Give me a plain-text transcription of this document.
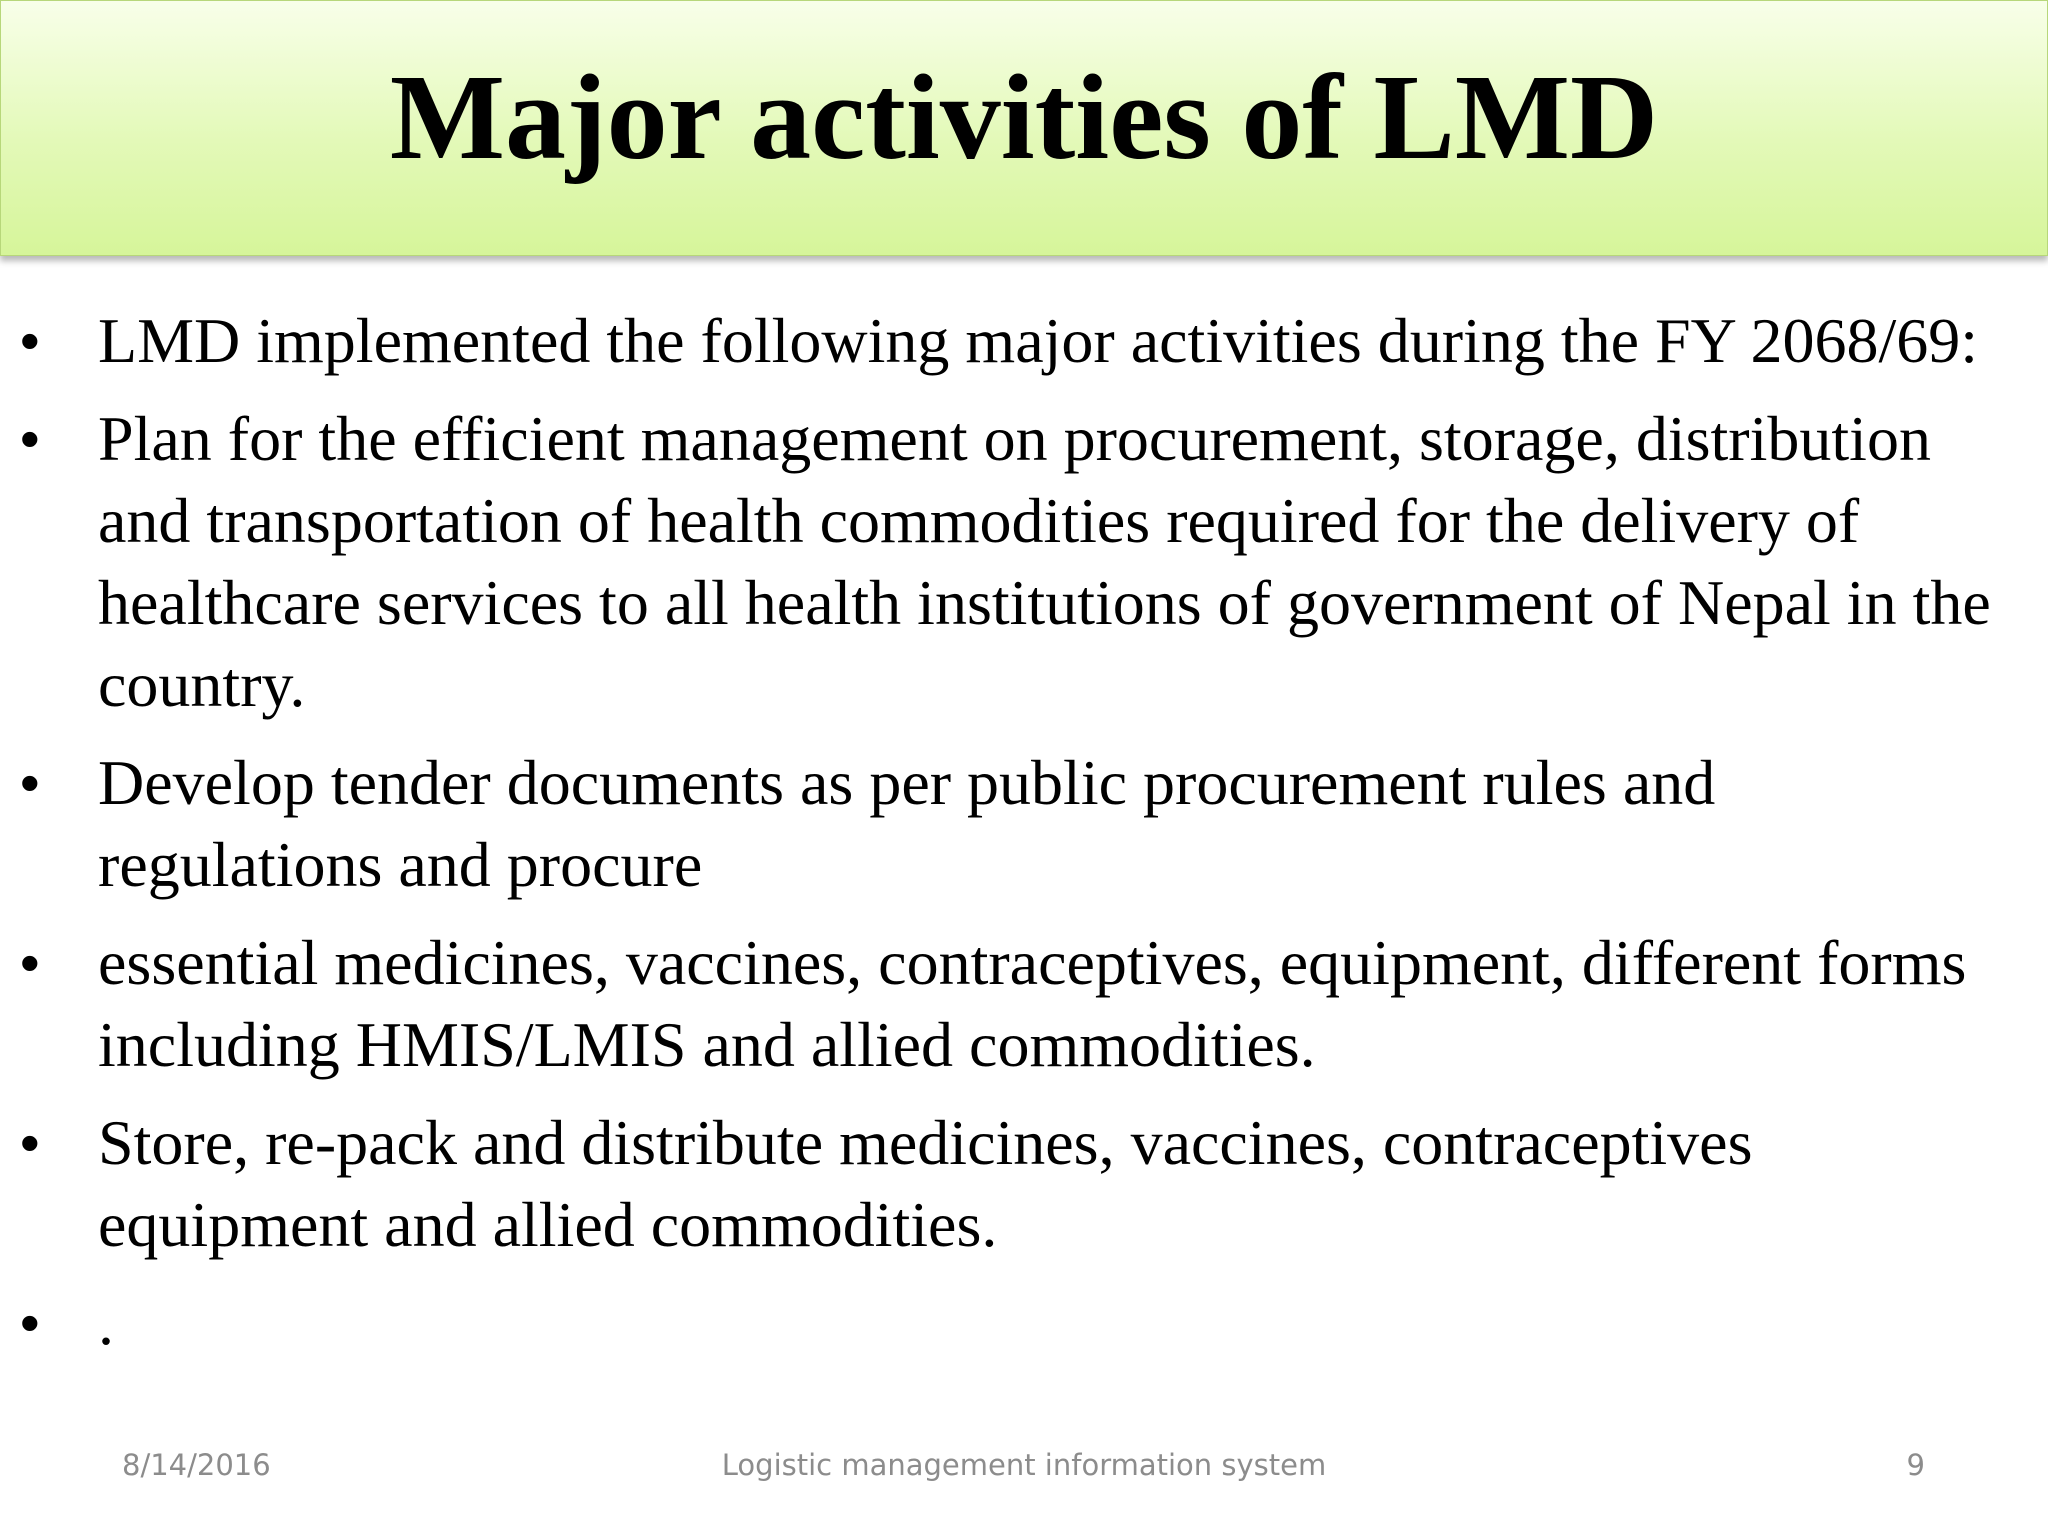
Major activities of LMD
• LMD implemented the following major activities during the FY 2068/69:
• Plan for the efficient management on procurement, storage, distribution and transportation of health commodities required for the delivery of healthcare services to all health institutions of government of Nepal in the country.
• Develop tender documents as per public procurement rules and regulations and procure
• essential medicines, vaccines, contraceptives, equipment, different forms including HMIS/LMIS and allied commodities.
• Store, re-pack and distribute medicines, vaccines, contraceptives equipment and allied commodities.
• .
8/14/2016	Logistic management information system	9
